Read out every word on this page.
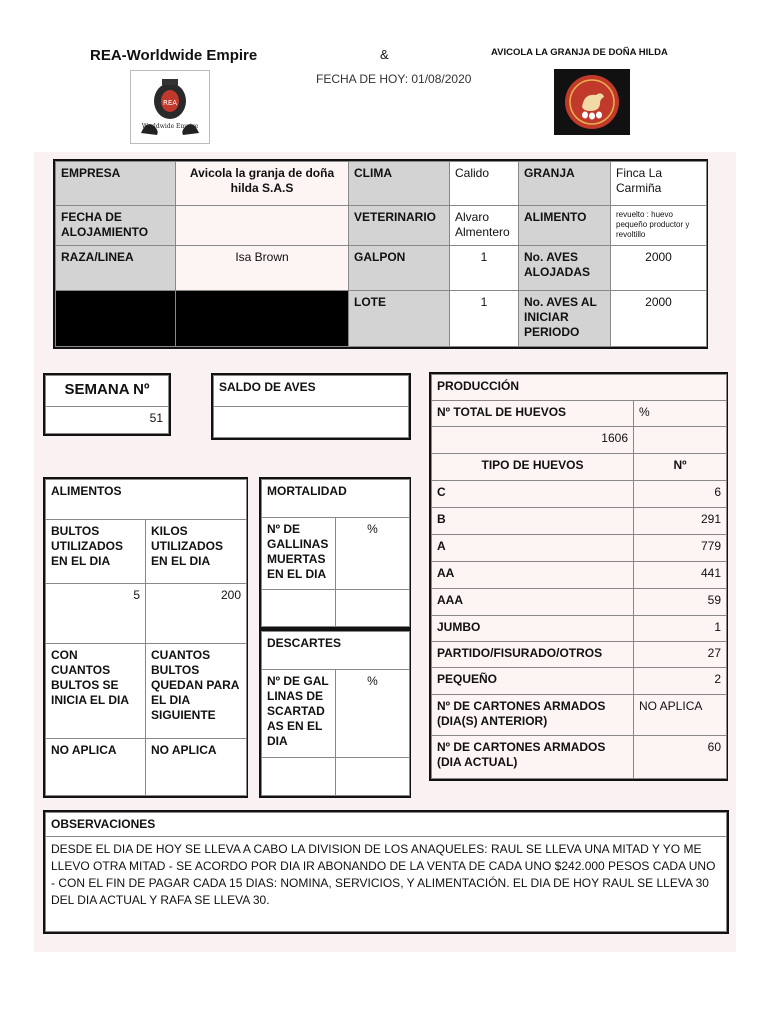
REA-Worldwide Empire	&
FECHA DE HOY: 01/08/2020
AVICOLA LA GRANJA DE DOÑA HILDA
REA
Worldwide Empire
EMPRESA	Avicola la granja de doña hilda S.A.S	CLIMA	Calido	GRANJA	Finca La Carmiña
FECHA DE ALOJAMIENTO		VETERINARIO	Alvaro Almentero	ALIMENTO	revuelto : huevo pequeño productor y revoltillo
RAZA/LINEA	Isa Brown	GALPON	1	No. AVES ALOJADAS	2000
		LOTE	1	No. AVES AL INICIAR PERIODO	2000
SEMANA Nº
51
SALDO DE AVES	PRODUCCIÓN	
Nº TOTAL DE HUEVOS	%
1606	
TIPO DE HUEVOS	Nº
C	6
B	291
A	779
AA	441
AAA	59
JUMBO	1
PARTIDO/FISURADO/OTROS	27
PEQUEÑO	2
Nº DE CARTONES ARMADOS (DIA(S) ANTERIOR)	NO APLICA
Nº DE CARTONES ARMADOS (DIA ACTUAL)	60
ALIMENTOS	
BULTOS UTILIZADOS EN EL DIA	KILOS UTILIZADOS EN EL DIA
5	200
CON CUANTOS BULTOS SE INICIA EL DIA	CUANTOS BULTOS QUEDAN PARA EL DIA SIGUIENTE
NO APLICA	NO APLICA
MORTALIDAD	
Nº DE GALLINAS MUERTAS EN EL DIA	%

DESCARTES	
Nº DE GALLINAS DESCARTADAS EN EL DIA	%

OBSERVACIONES
DESDE EL DIA DE HOY SE LLEVA A CABO LA DIVISION DE LOS ANAQUELES: RAUL SE LLEVA UNA MITAD Y YO ME LLEVO OTRA MITAD - SE ACORDO POR DIA IR ABONANDO DE LA VENTA DE CADA UNO $242.000 PESOS CADA UNO - CON EL FIN DE PAGAR CADA 15 DIAS: NOMINA, SERVICIOS, Y ALIMENTACIÓN. EL DIA DE HOY RAUL SE LLEVA 30 DEL DIA ACTUAL Y RAFA SE LLEVA 30.
